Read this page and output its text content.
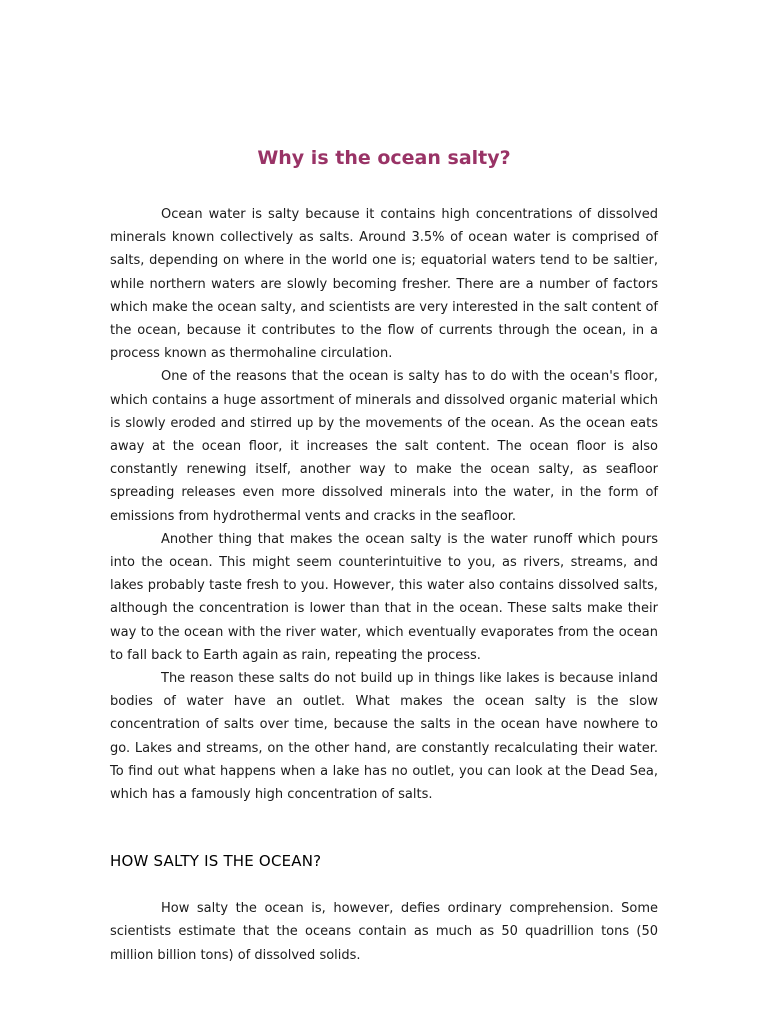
Why is the ocean salty?

Ocean water is salty because it contains high concentrations of dissolved minerals known collectively as salts. Around 3.5% of ocean water is comprised of salts, depending on where in the world one is; equatorial waters tend to be saltier, while northern waters are slowly becoming fresher. There are a number of factors which make the ocean salty, and scientists are very interested in the salt content of the ocean, because it contributes to the flow of currents through the ocean, in a process known as thermohaline circulation.

One of the reasons that the ocean is salty has to do with the ocean's floor, which contains a huge assortment of minerals and dissolved organic material which is slowly eroded and stirred up by the movements of the ocean. As the ocean eats away at the ocean floor, it increases the salt content. The ocean floor is also constantly renewing itself, another way to make the ocean salty, as seafloor spreading releases even more dissolved minerals into the water, in the form of emissions from hydrothermal vents and cracks in the seafloor.

Another thing that makes the ocean salty is the water runoff which pours into the ocean. This might seem counterintuitive to you, as rivers, streams, and lakes probably taste fresh to you. However, this water also contains dissolved salts, although the concentration is lower than that in the ocean. These salts make their way to the ocean with the river water, which eventually evaporates from the ocean to fall back to Earth again as rain, repeating the process.

The reason these salts do not build up in things like lakes is because inland bodies of water have an outlet. What makes the ocean salty is the slow concentration of salts over time, because the salts in the ocean have nowhere to go. Lakes and streams, on the other hand, are constantly recalculating their water. To find out what happens when a lake has no outlet, you can look at the Dead Sea, which has a famously high concentration of salts.

HOW SALTY IS THE OCEAN?

How salty the ocean is, however, defies ordinary comprehension. Some scientists estimate that the oceans contain as much as 50 quadrillion tons (50 million billion tons) of dissolved solids.
